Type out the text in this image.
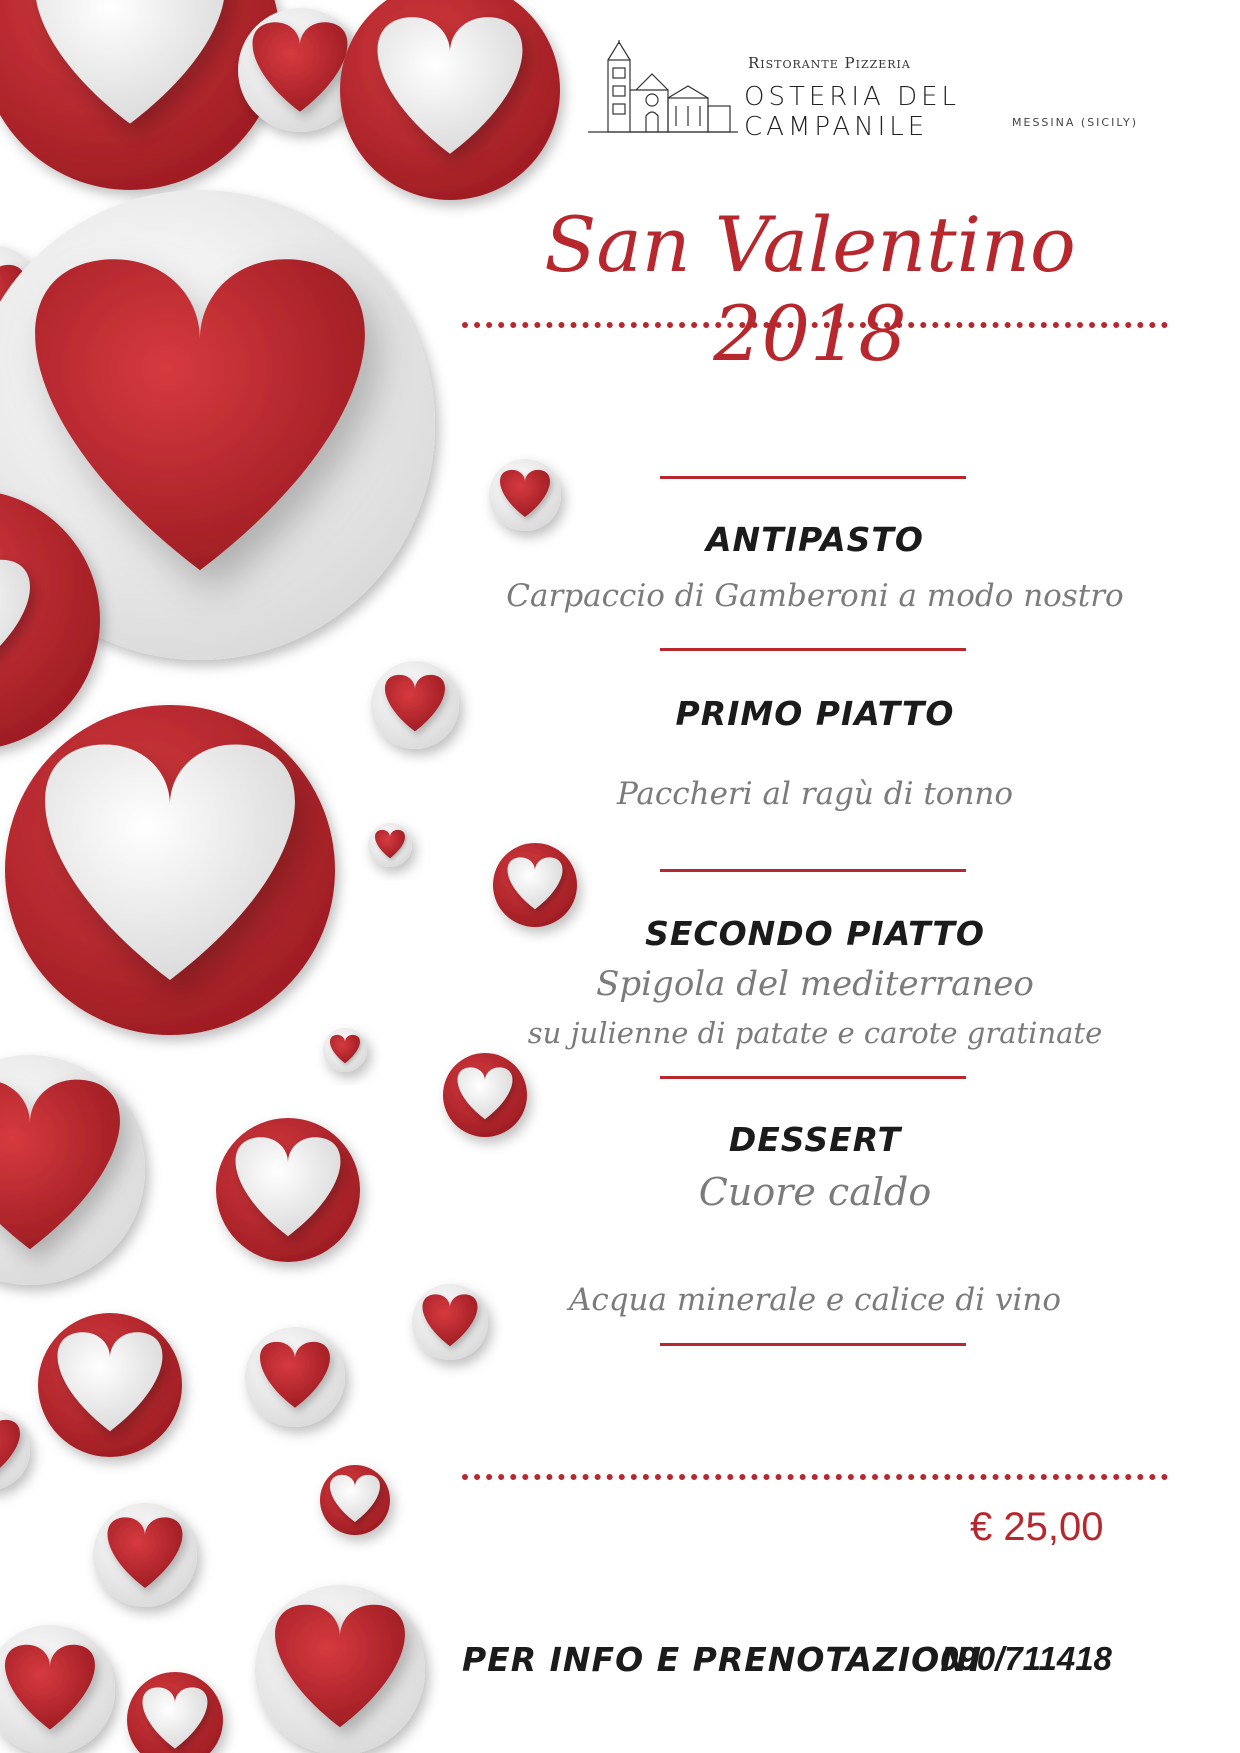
Ristorante Pizzeria
OSTERIA DEL CAMPANILE	MESSINA (SICILY)
San Valentino 2018
ANTIPASTO
Carpaccio di Gamberoni a modo nostro
PRIMO PIATTO
Paccheri al ragù di tonno
SECONDO PIATTO
Spigola del mediterraneo
su julienne di patate e carote gratinate
DESSERT
Cuore caldo
Acqua minerale e calice di vino
€ 25,00
PER INFO E PRENOTAZIONI
090/711418
